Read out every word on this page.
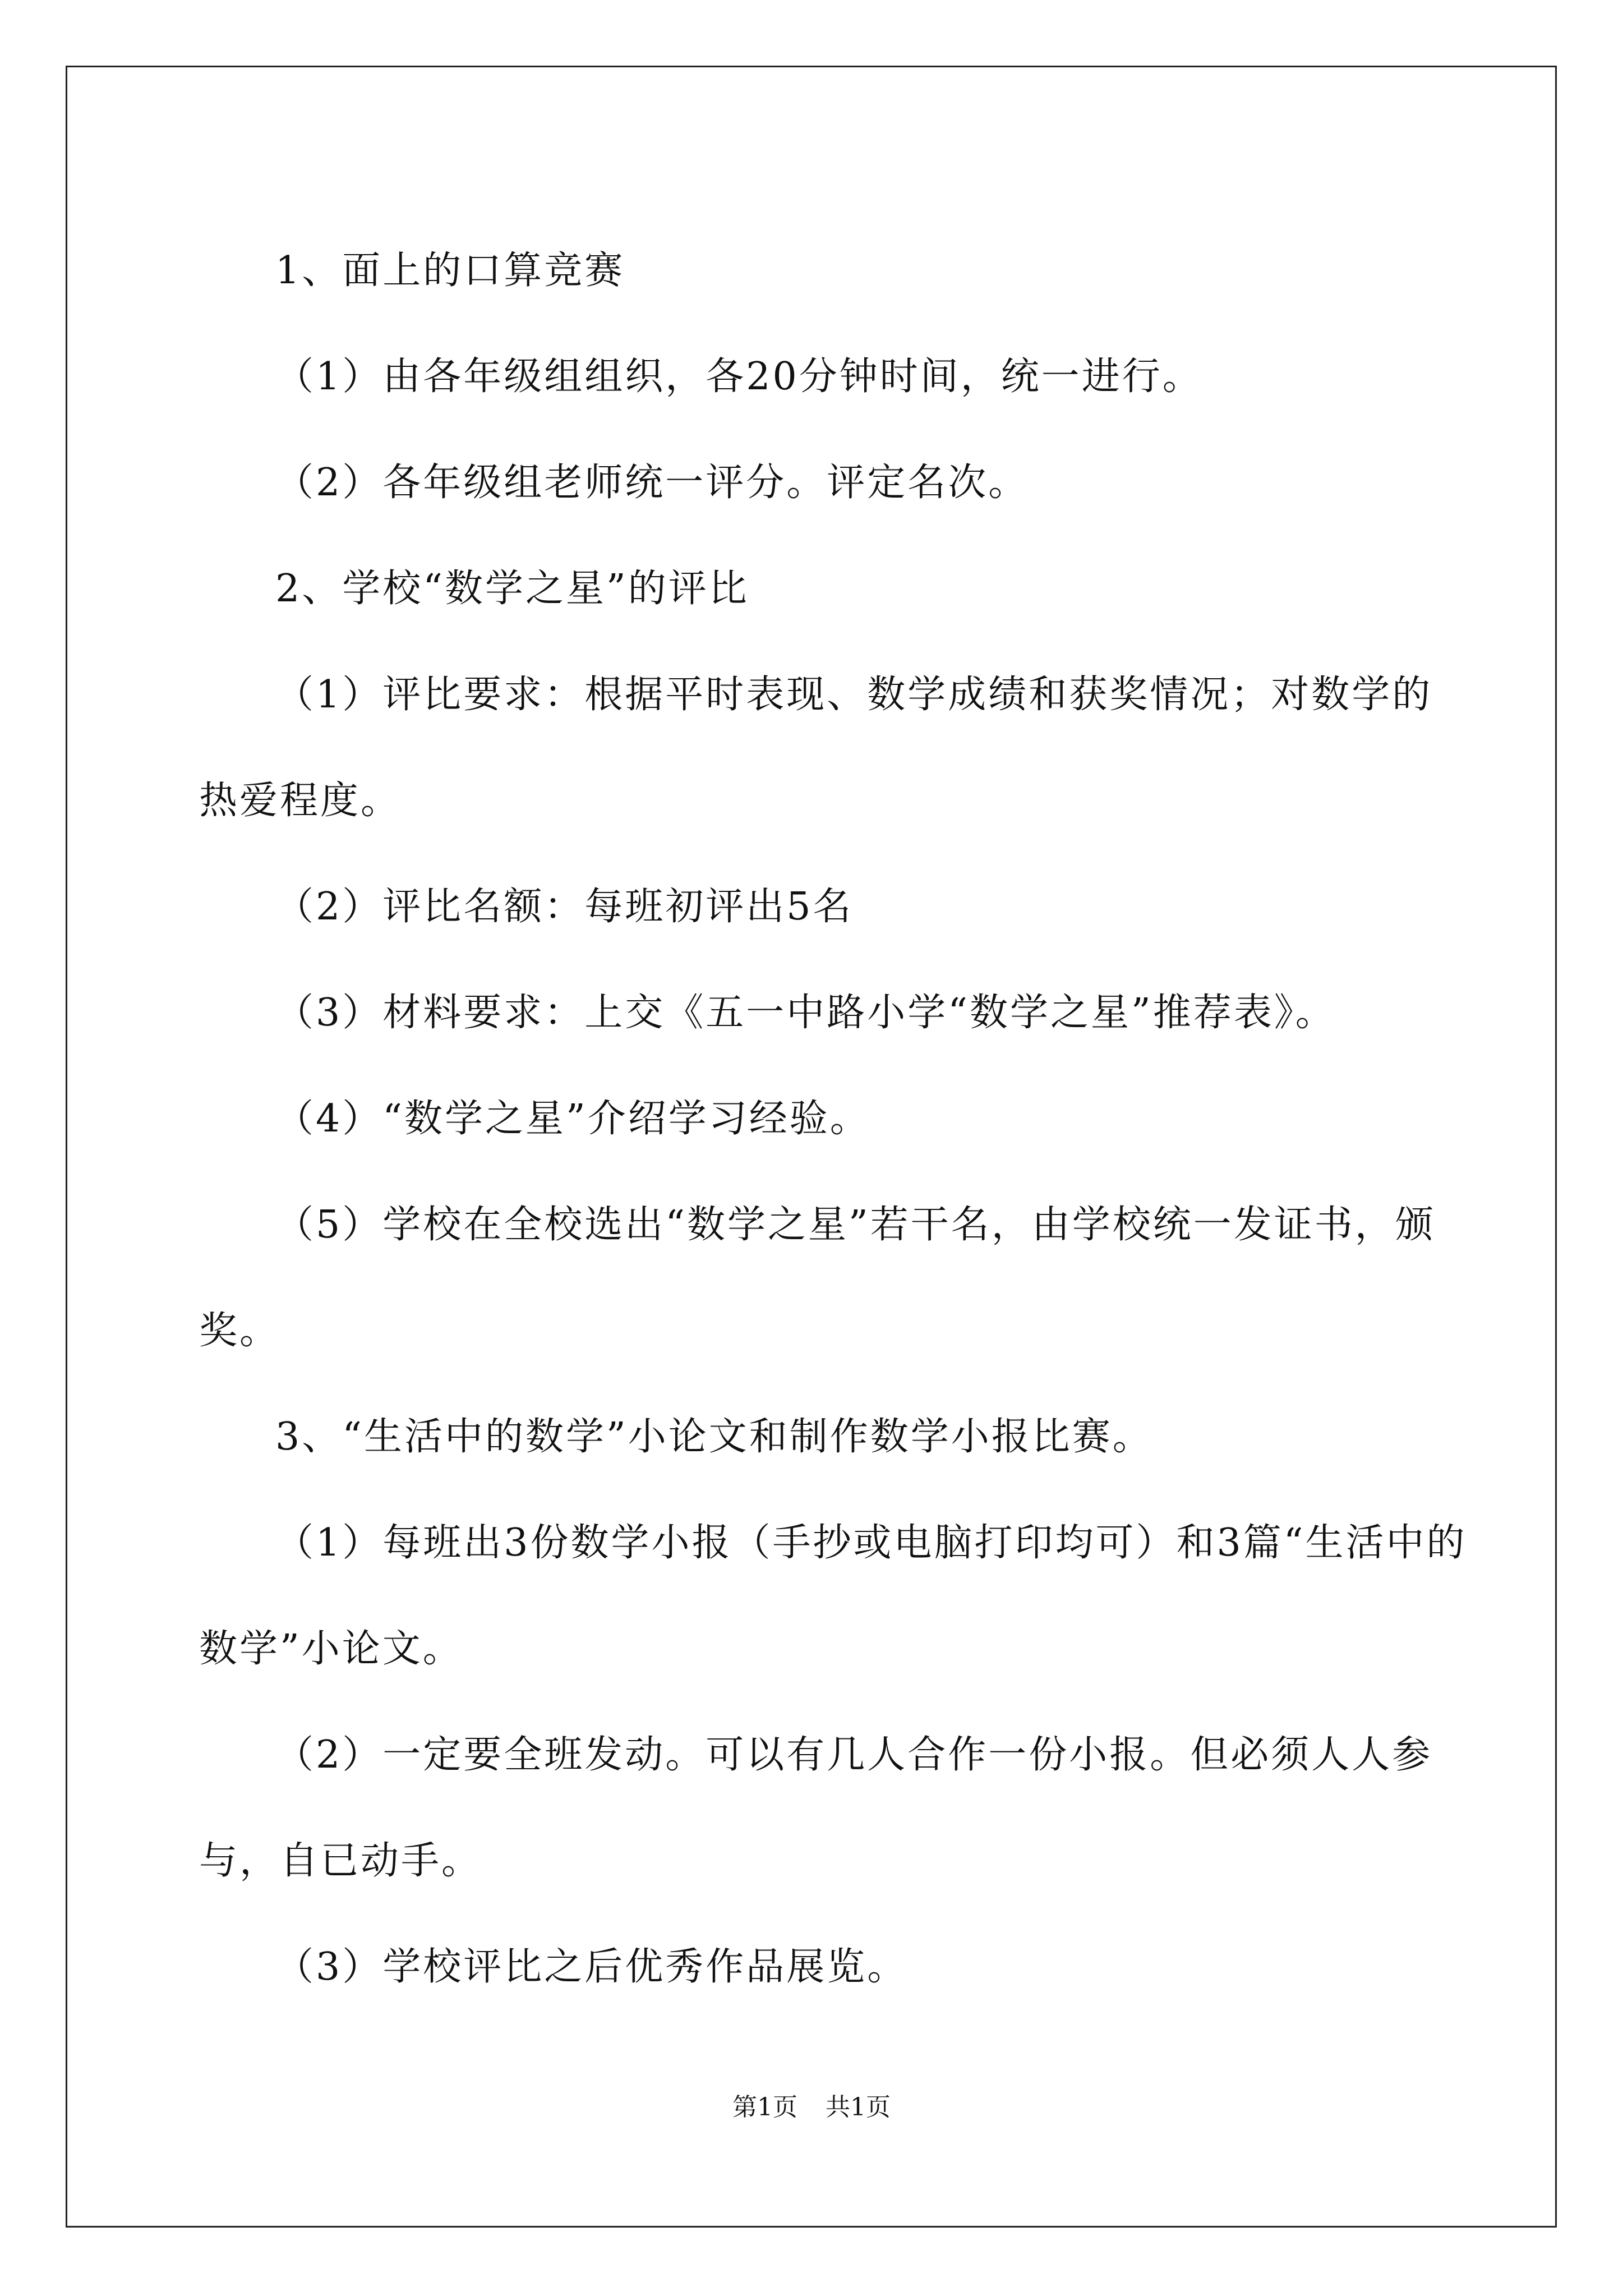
1、面上的口算竞赛

（1）由各年级组组织，各20分钟时间，统一进行。

（2）各年级组老师统一评分。评定名次。

2、学校“数学之星”的评比

（1）评比要求：根据平时表现、数学成绩和获奖情况；对数学的热爱程度。

（2）评比名额：每班初评出5名

（3）材料要求：上交《五一中路小学“数学之星”推荐表》。

（4）“数学之星”介绍学习经验。

（5）学校在全校选出“数学之星”若干名，由学校统一发证书，颁奖。

3、“生活中的数学”小论文和制作数学小报比赛。

（1）每班出3份数学小报（手抄或电脑打印均可）和3篇“生活中的数学”小论文。

（2）一定要全班发动。可以有几人合作一份小报。但必须人人参与，自已动手。

（3）学校评比之后优秀作品展览。

第1页 共1页
